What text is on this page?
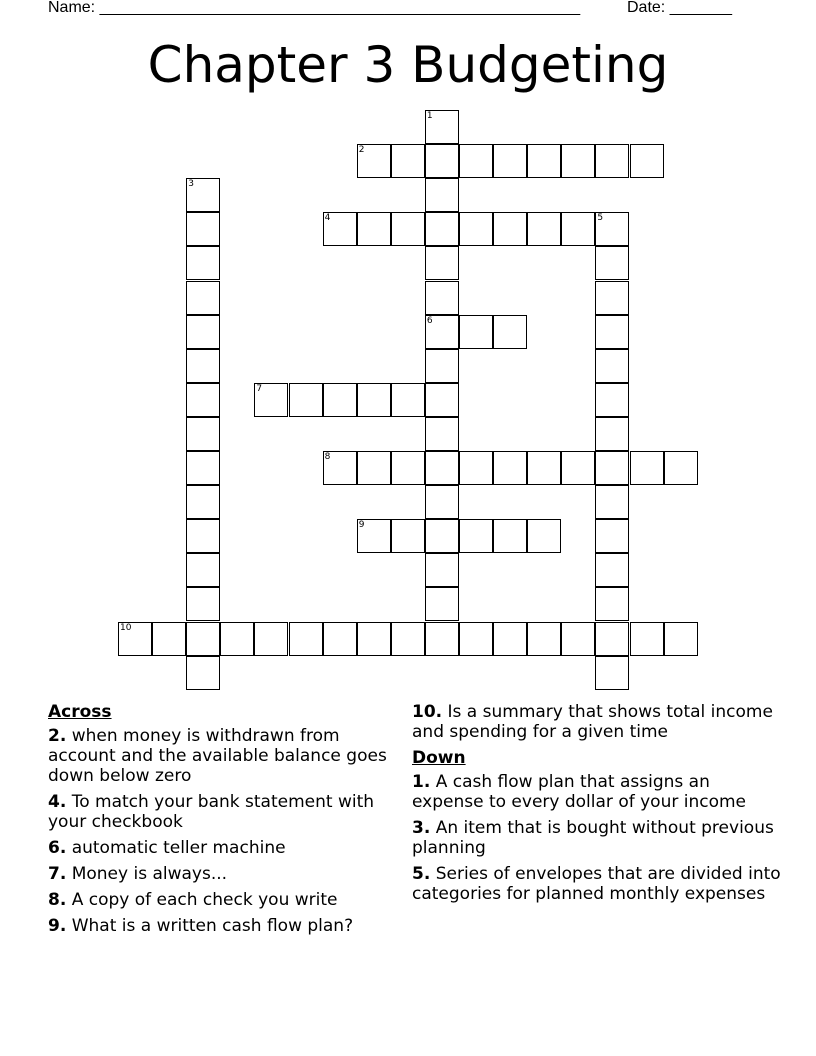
Name: ______________________________________________________	Date: _______
Chapter 3 Budgeting
1
6
2
3
4	5
7
8
9
10
Across
2. when money is withdrawn from account and the available balance goes down below zero
4. To match your bank statement with your checkbook
6. automatic teller machine
7. Money is always...
8. A copy of each check you write
9. What is a written cash flow plan?
10. Is a summary that shows total income and spending for a given time
Down
1. A cash flow plan that assigns an expense to every dollar of your income
3. An item that is bought without previous planning
5. Series of envelopes that are divided into categories for planned monthly expenses
